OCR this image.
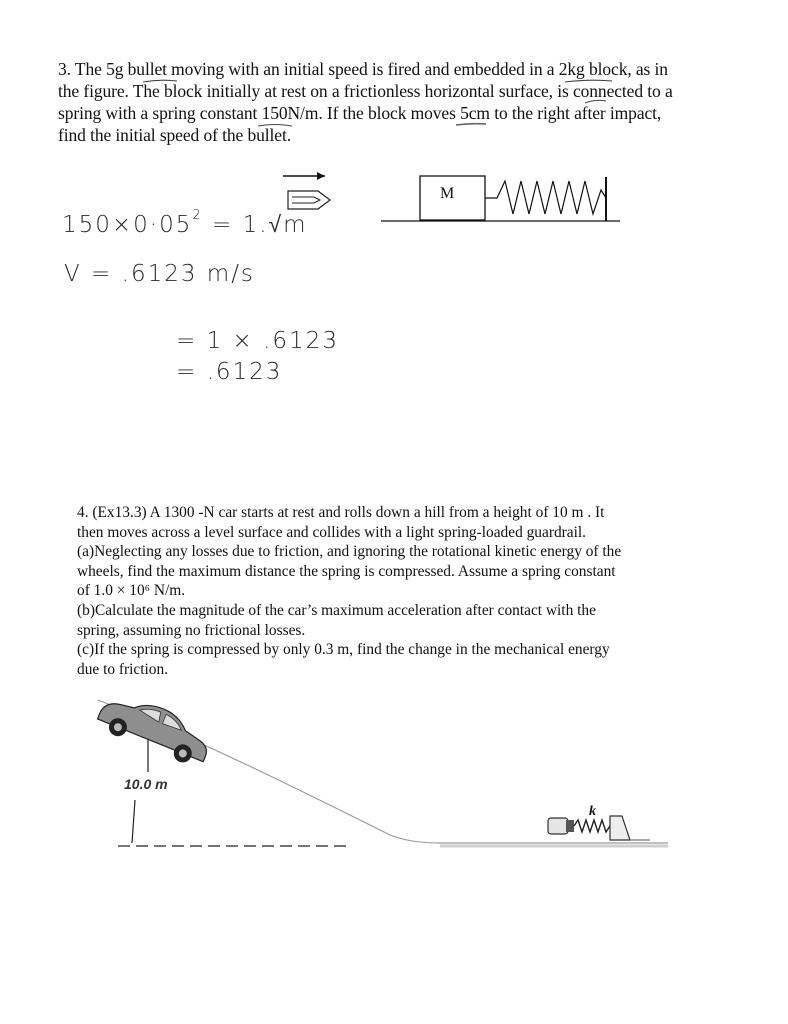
3. The 5g bullet moving with an initial speed is fired and embedded in a 2kg block, as in
the figure. The block initially at rest on a frictionless horizontal surface, is connected to a
spring with a spring constant 150N/m. If the block moves 5cm to the right after impact,
find the initial speed of the bullet.
M
$150\times 0\cdot 05^2 = 1.√m$
V = .6123 m/s
= 1 × .6123
= .6123
4. (Ex13.3) A 1300 -N car starts at rest and rolls down a hill from a height of 10 m . It
then moves across a level surface and collides with a light spring-loaded guardrail.
(a)Neglecting any losses due to friction, and ignoring the rotational kinetic energy of the
wheels, find the maximum distance the spring is compressed. Assume a spring constant
of 1.0 × 10⁶ N/m.
(b)Calculate the magnitude of the car’s maximum acceleration after contact with the
spring, assuming no frictional losses.
(c)If the spring is compressed by only 0.3 m, find the change in the mechanical energy
due to friction.
10.0 m
k
